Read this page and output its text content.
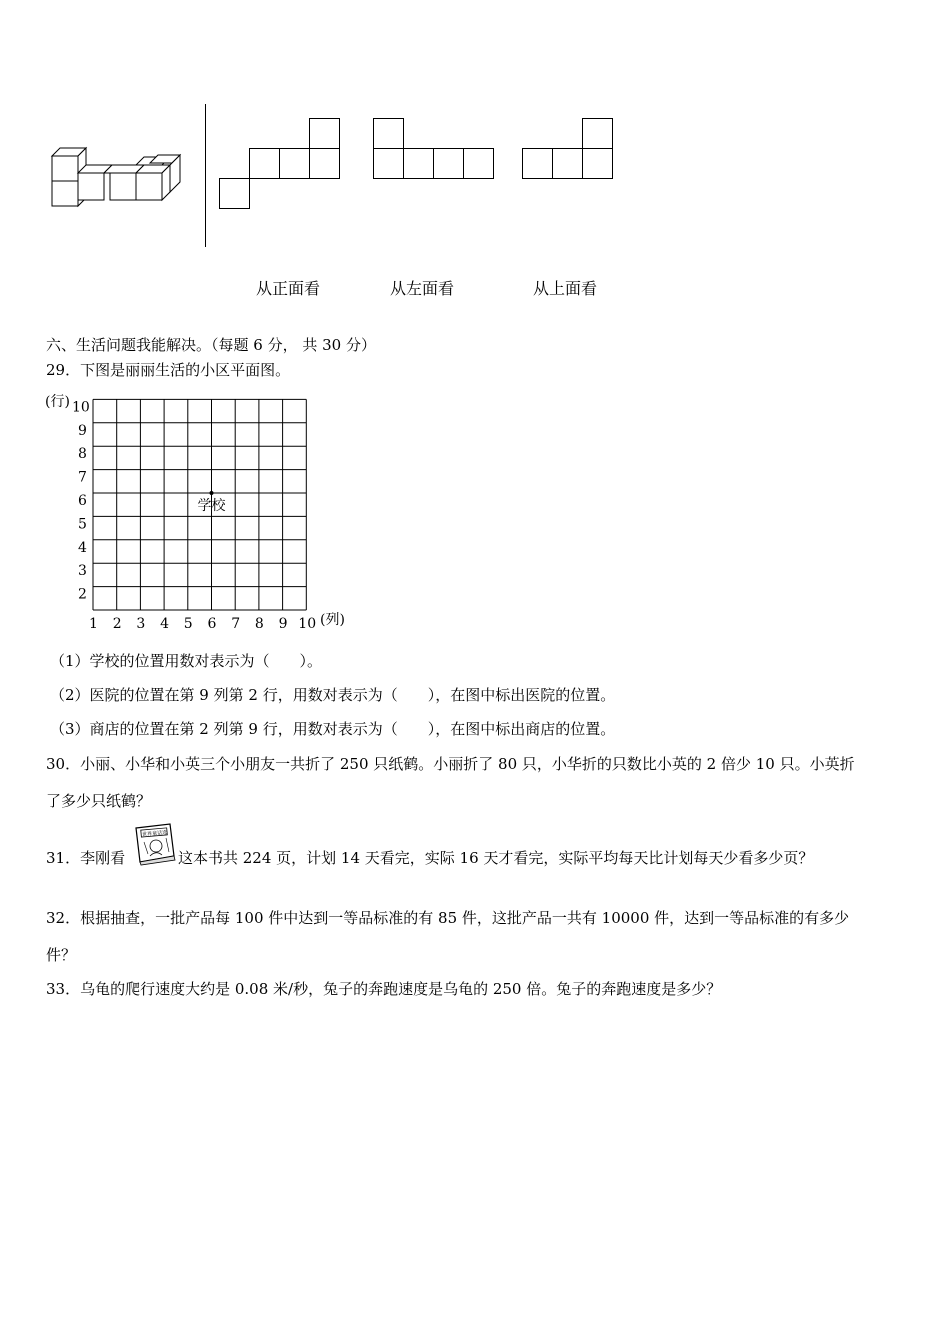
从正面看	从左面看	从上面看
六、生活问题我能解决。（每题 6 分， 共 30 分）
29．下图是丽丽生活的小区平面图。
(行)
(列)
2
3
4
5
6
7
8
9
10
1 2 3 4 5 6 7 8 9 10
学校
（1）学校的位置用数对表示为（　　）。
（2）医院的位置在第 9 列第 2 行，用数对表示为（　　），在图中标出医院的位置。
（3）商店的位置在第 2 列第 9 行，用数对表示为（　　），在图中标出商店的位置。
30．小丽、小华和小英三个小朋友一共折了 250 只纸鹤。小丽折了 80 只，小华折的只数比小英的 2 倍少 10 只。小英折
了多少只纸鹤？
31．李刚看
世界童话选
这本书共 224 页，计划 14 天看完，实际 16 天才看完，实际平均每天比计划每天少看多少页？
32．根据抽查，一批产品每 100 件中达到一等品标准的有 85 件，这批产品一共有 10000 件，达到一等品标准的有多少
件？
33．乌龟的爬行速度大约是 0.08 米/秒，兔子的奔跑速度是乌龟的 250 倍。兔子的奔跑速度是多少？
